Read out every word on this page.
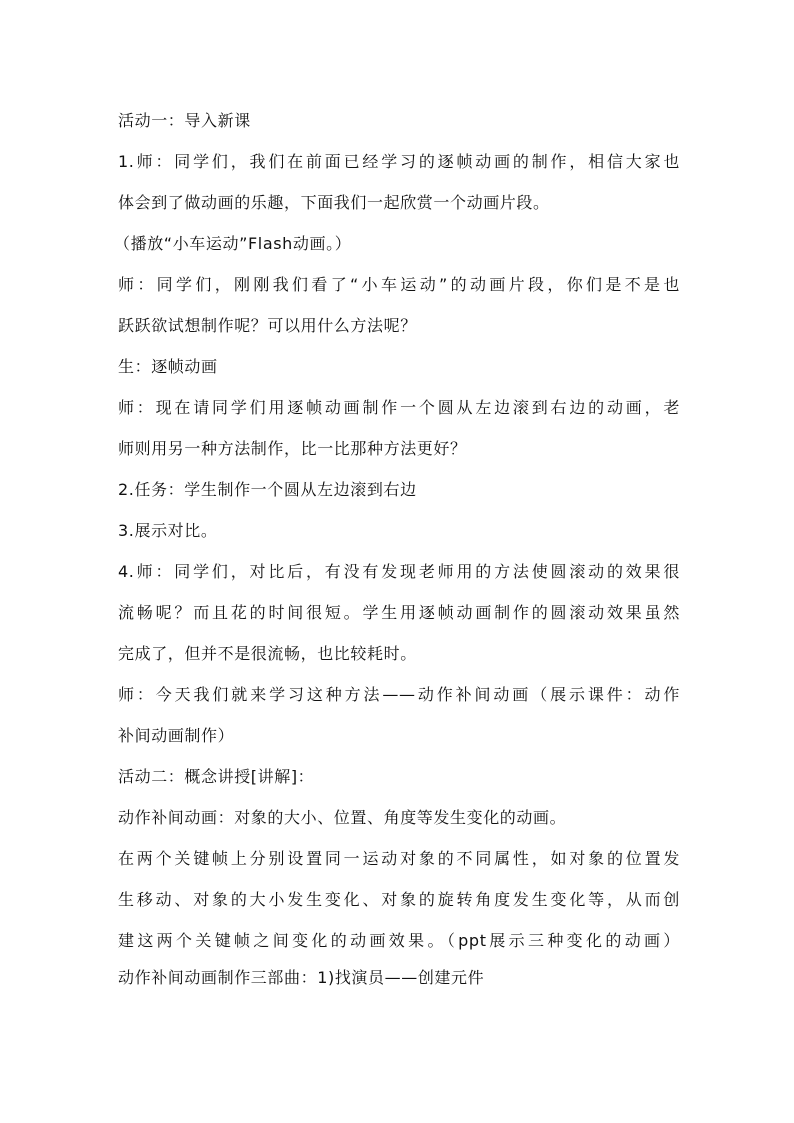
活动一：导入新课
1.师：同学们，我们在前面已经学习的逐帧动画的制作，相信大家也
体会到了做动画的乐趣，下面我们一起欣赏一个动画片段。
（播放“小车运动”Flash动画。）
师：同学们，刚刚我们看了“小车运动”的动画片段，你们是不是也
跃跃欲试想制作呢？可以用什么方法呢？
生：逐帧动画
师：现在请同学们用逐帧动画制作一个圆从左边滚到右边的动画，老
师则用另一种方法制作，比一比那种方法更好？
2.任务：学生制作一个圆从左边滚到右边
3.展示对比。
4.师：同学们，对比后，有没有发现老师用的方法使圆滚动的效果很
流畅呢？而且花的时间很短。学生用逐帧动画制作的圆滚动效果虽然
完成了，但并不是很流畅，也比较耗时。
师：今天我们就来学习这种方法——动作补间动画（展示课件：动作
补间动画制作）
活动二：概念讲授[讲解]：
动作补间动画：对象的大小、位置、角度等发生变化的动画。
在两个关键帧上分别设置同一运动对象的不同属性，如对象的位置发
生移动、对象的大小发生变化、对象的旋转角度发生变化等，从而创
建这两个关键帧之间变化的动画效果。（ppt展示三种变化的动画）
动作补间动画制作三部曲：1)找演员——创建元件
